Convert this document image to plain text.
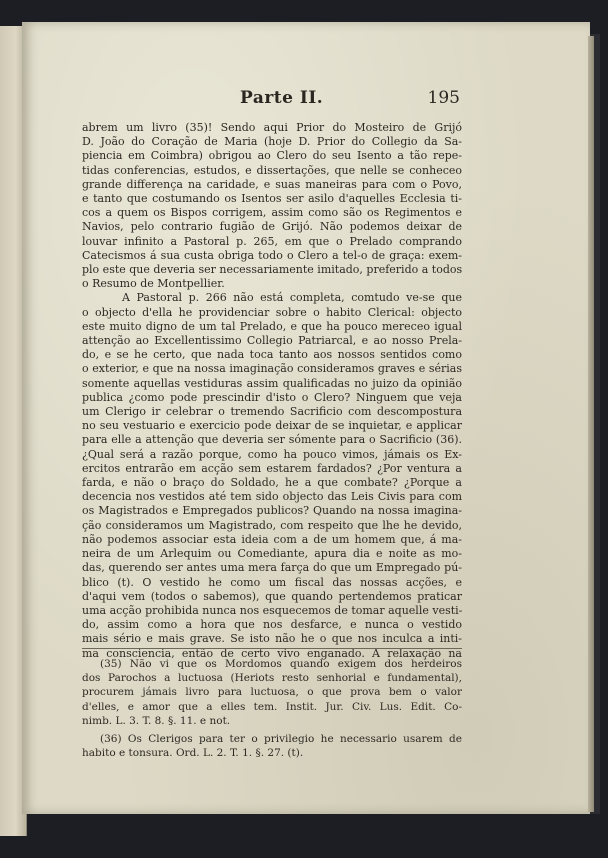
Parte II.	195
abrem um livro (35)! Sendo aqui Prior do Mosteiro de Grijó
D. João do Coração de Maria (hoje D. Prior do Collegio da Sa-
piencia em Coimbra) obrigou ao Clero do seu Isento a tão repe-
tidas conferencias, estudos, e dissertações, que nelle se conheceo
grande differença na caridade, e suas maneiras para com o Povo,
e tanto que costumando os Isentos ser asilo d'aquelles Ecclesia ti-
cos a quem os Bispos corrigem, assim como são os Regimentos e
Navios, pelo contrario fugião de Grijó. Não podemos deixar de
louvar infinito a Pastoral p. 265, em que o Prelado comprando
Catecismos á sua custa obriga todo o Clero a tel-o de graça: exem-
plo este que deveria ser necessariamente imitado, preferido a todos
o Resumo de Montpellier.
A Pastoral p. 266 não está completa, comtudo ve-se que
o objecto d'ella he providenciar sobre o habito Clerical: objecto
este muito digno de um tal Prelado, e que ha pouco mereceo igual
attenção ao Excellentissimo Collegio Patriarcal, e ao nosso Prela-
do, e se he certo, que nada toca tanto aos nossos sentidos como
o exterior, e que na nossa imaginação consideramos graves e sérias
somente aquellas vestiduras assim qualificadas no juizo da opinião
publica ¿como pode prescindir d'isto o Clero? Ninguem que veja
um Clerigo ir celebrar o tremendo Sacrificio com descompostura
no seu vestuario e exercicio pode deixar de se inquietar, e applicar
para elle a attenção que deveria ser sómente para o Sacrificio (36).
¿Qual será a razão porque, como ha pouco vimos, jámais os Ex-
ercitos entrarão em acção sem estarem fardados? ¿Por ventura a
farda, e não o braço do Soldado, he a que combate? ¿Porque a
decencia nos vestidos até tem sido objecto das Leis Civis para com
os Magistrados e Empregados publicos? Quando na nossa imagina-
ção consideramos um Magistrado, com respeito que lhe he devido,
não podemos associar esta ideia com a de um homem que, á ma-
neira de um Arlequim ou Comediante, apura dia e noite as mo-
das, querendo ser antes uma mera farça do que um Empregado pú-
blico (t). O vestido he como um fiscal das nossas acções, e
d'aqui vem (todos o sabemos), que quando pertendemos praticar
uma acção prohibida nunca nos esquecemos de tomar aquelle vesti-
do, assim como a hora que nos desfarce, e nunca o vestido
mais sério e mais grave. Se isto não he o que nos inculca a inti-
ma consciencia, então de certo vivo enganado. A relaxação na
(35) Não vi que os Mordomos quando exigem dos herdeiros
dos Parochos a luctuosa (Heriots resto senhorial e fundamental),
procurem jámais livro para luctuosa, o que prova bem o valor
d'elles, e amor que a elles tem. Instit. Jur. Civ. Lus. Edit. Co-
nimb. L. 3. T. 8. §. 11. e not.
(36) Os Clerigos para ter o privilegio he necessario usarem de
habito e tonsura. Ord. L. 2. T. 1. §. 27. (t).
